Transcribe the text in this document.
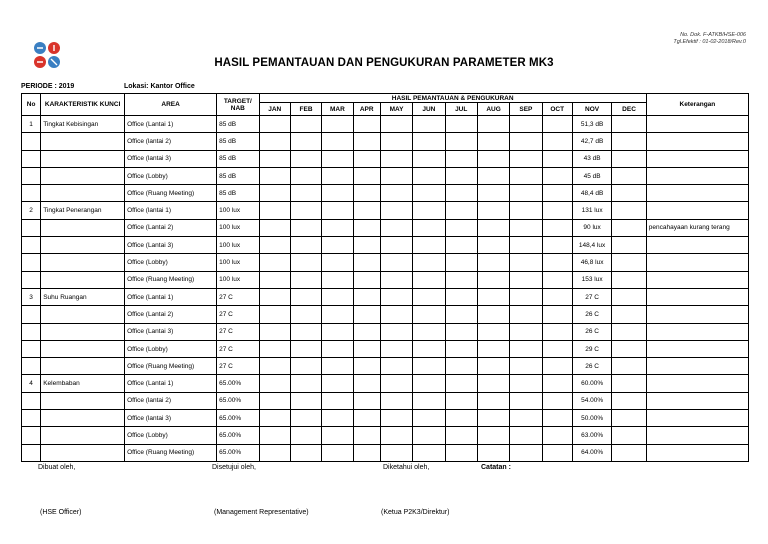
No. Dok. F-ATKB/HSE-006
Tgl.Efektif : 01-02-2018/Rev.0
HASIL PEMANTAUAN DAN PENGUKURAN PARAMETER MK3
PERIODE : 2019	Lokasi: Kantor Office
No	KARAKTERISTIK KUNCI	AREA	TARGET/ NAB	HASIL PEMANTAUAN & PENGUKURAN												Keterangan
				JAN	FEB	MAR	APR	MAY	JUN	JUL	AUG	SEP	OCT	NOV	DEC	
1	Tingkat Kebisingan	Office (Lantai 1)	85 dB											51,3 dB		
		Office (lantai 2)	85 dB											42,7 dB		
		Office (lantai 3)	85 dB											43 dB		
		Office (Lobby)	85 dB											45 dB		
		Office (Ruang Meeting)	85 dB											48,4 dB		
2	Tingkat Penerangan	Office (lantai 1)	100 lux											131 lux		
		Office (Lantai 2)	100 lux											90 lux		pencahayaan kurang terang
		Office (Lantai 3)	100 lux											148,4 lux		
		Office (Lobby)	100 lux											46,8 lux		
		Office (Ruang Meeting)	100 lux											153 lux		
3	Suhu Ruangan	Office (Lantai 1)	27 C											27 C		
		Office (Lantai 2)	27 C											26 C		
		Office (Lantai 3)	27 C											26 C		
		Office (Lobby)	27 C											29 C		
		Office (Ruang Meeting)	27 C											26 C		
4	Kelembaban	Office (Lantai 1)	65.00%											60.00%		
		Office (lantai 2)	65.00%											54.00%		
		Office (lantai 3)	65.00%											50.00%		
		Office (Lobby)	65.00%											63.00%		
		Office (Ruang Meeting)	65.00%											64.00%		
Dibuat oleh,	Disetujui oleh,	Diketahui oleh,	Catatan :
(HSE Officer)	(Management Representative)	(Ketua P2K3/Direktur)
